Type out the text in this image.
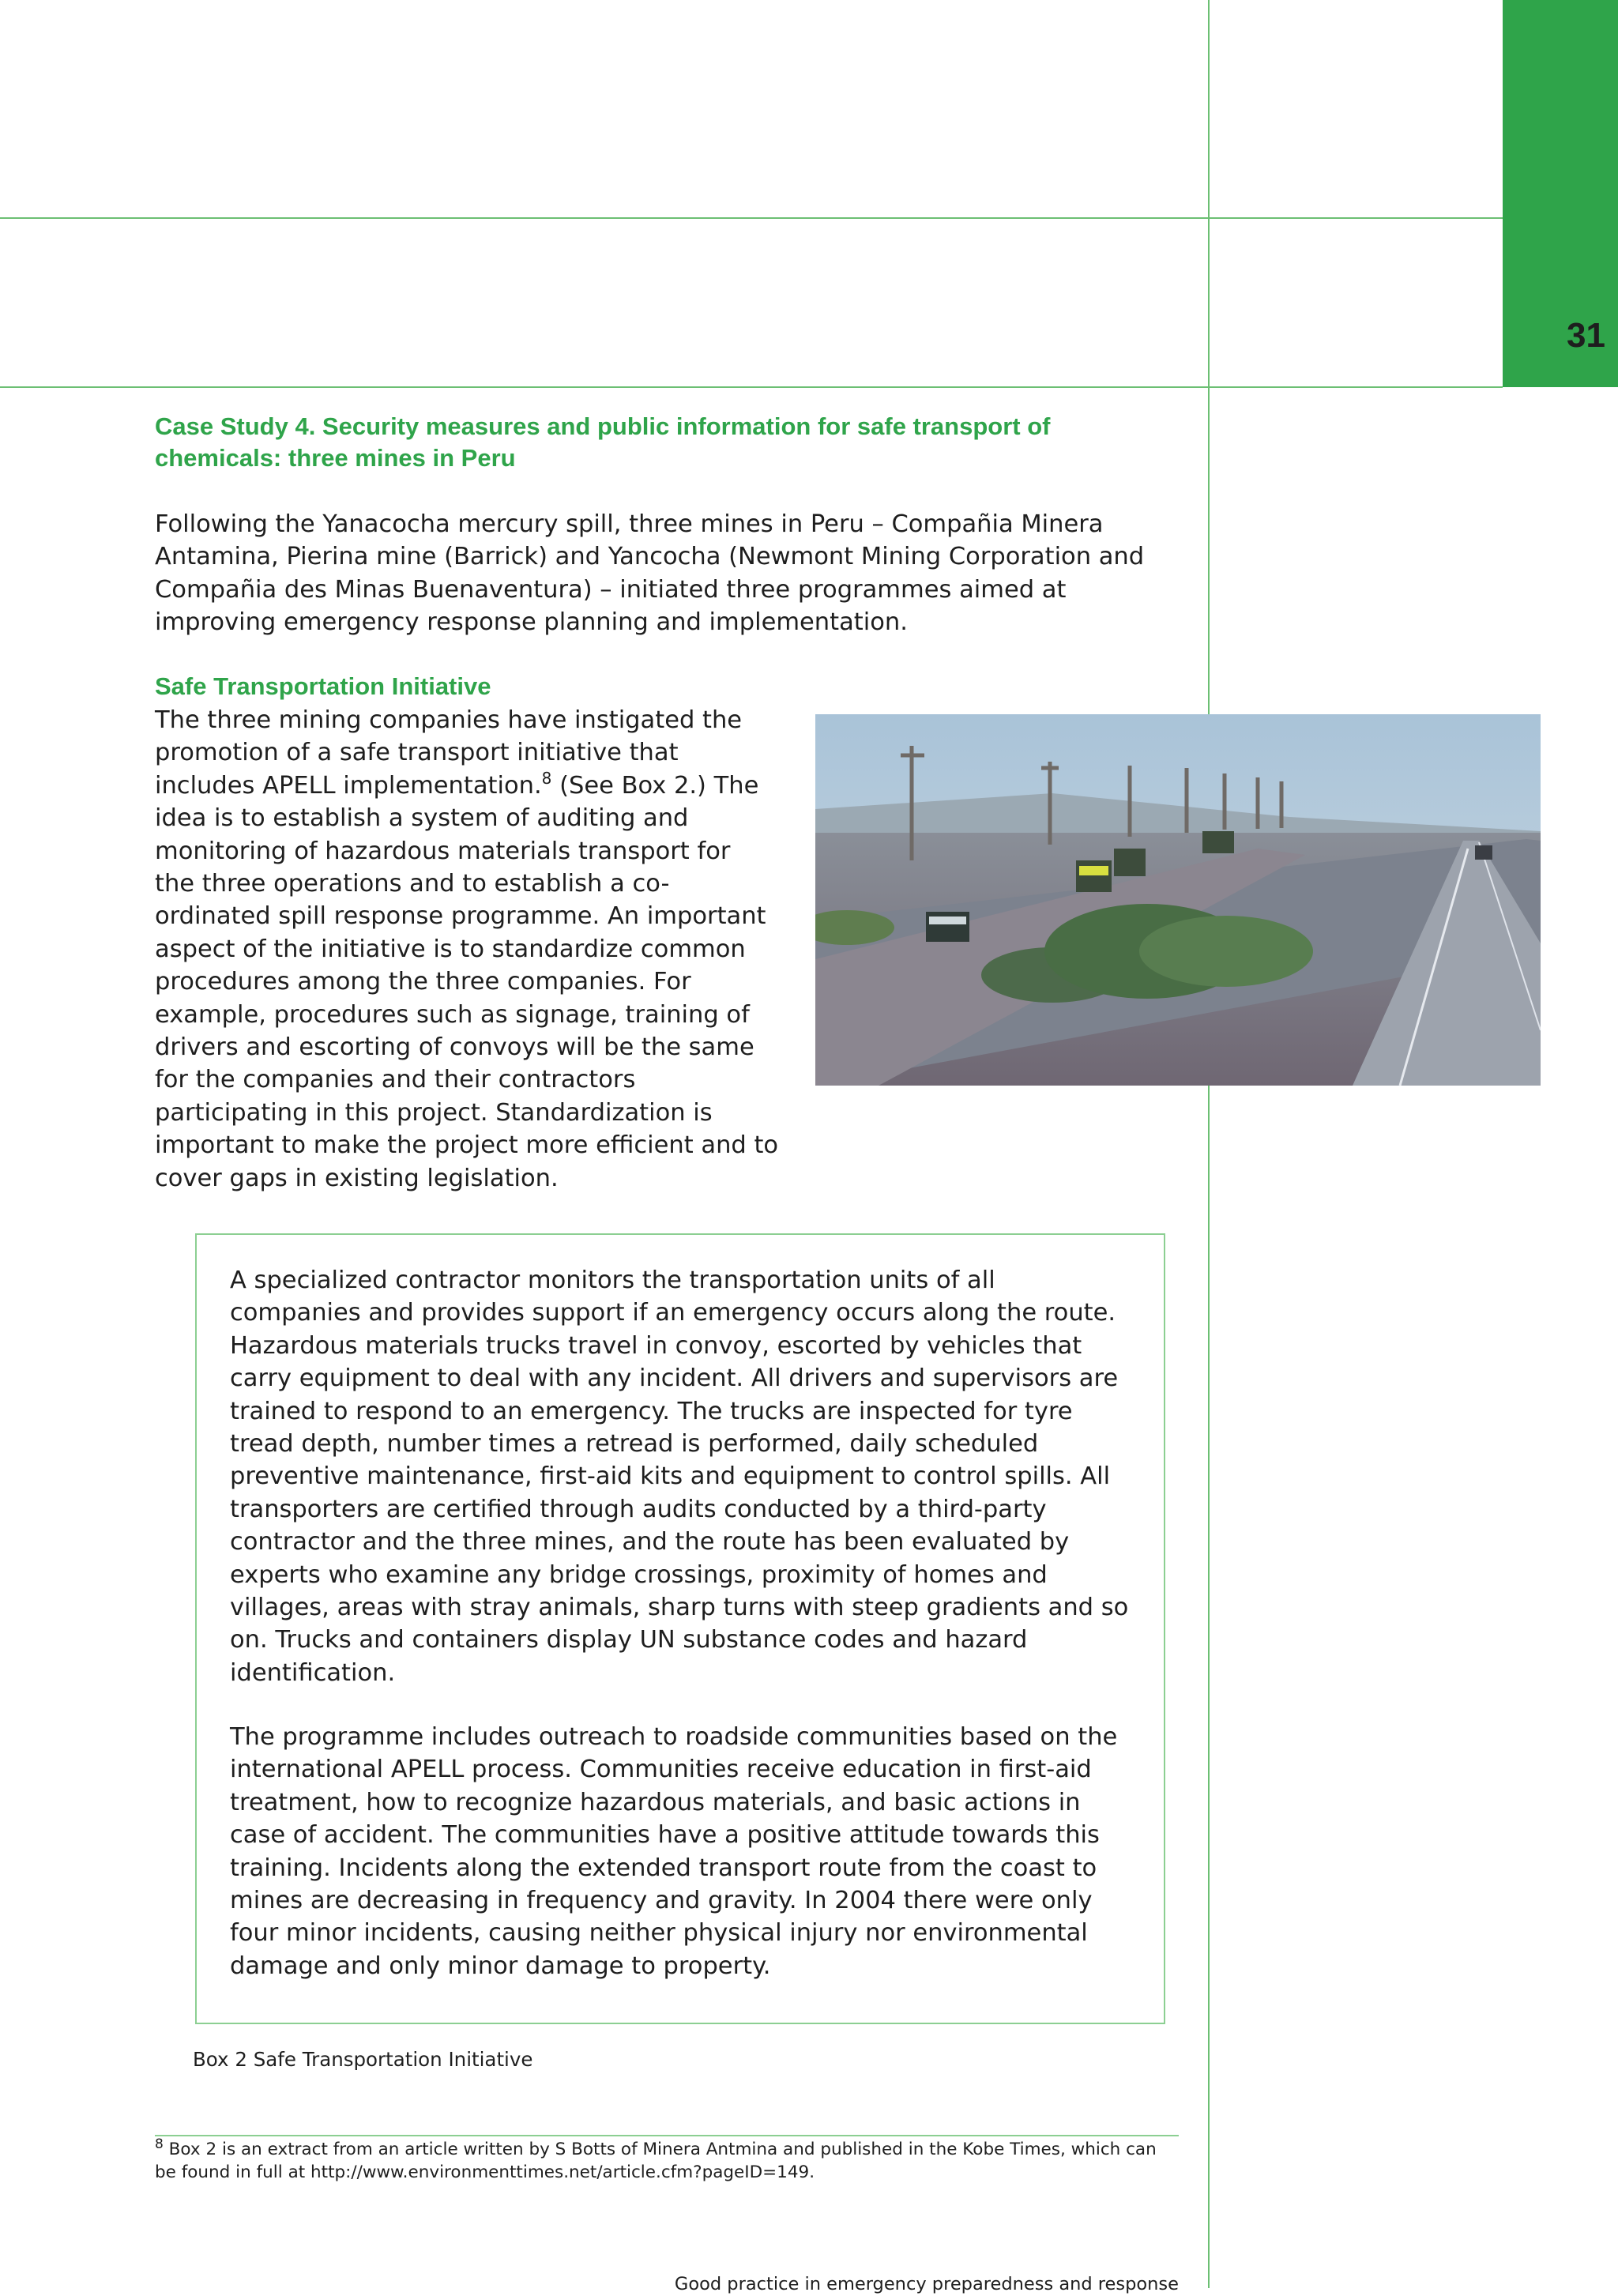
31
Case Study 4. Security measures and public information for safe transport of
chemicals: three mines in Peru
Following the Yanacocha mercury spill, three mines in Peru – Compañia Minera
Antamina, Pierina mine (Barrick) and Yancocha (Newmont Mining Corporation and
Compañia des Minas Buenaventura) – initiated three programmes aimed at
improving emergency response planning and implementation.
Safe Transportation Initiative
The three mining companies have instigated the
promotion of a safe transport initiative that
includes APELL implementation.$^8$ (See Box 2.) The
idea is to establish a system of auditing and
monitoring of hazardous materials transport for
the three operations and to establish a co-
ordinated spill response programme. An important
aspect of the initiative is to standardize common
procedures among the three companies. For
example, procedures such as signage, training of
drivers and escorting of convoys will be the same
for the companies and their contractors
participating in this project. Standardization is
important to make the project more efficient and to
cover gaps in existing legislation.
A specialized contractor monitors the transportation units of all
companies and provides support if an emergency occurs along the route.
Hazardous materials trucks travel in convoy, escorted by vehicles that
carry equipment to deal with any incident. All drivers and supervisors are
trained to respond to an emergency. The trucks are inspected for tyre
tread depth, number times a retread is performed, daily scheduled
preventive maintenance, first-aid kits and equipment to control spills. All
transporters are certified through audits conducted by a third-party
contractor and the three mines, and the route has been evaluated by
experts who examine any bridge crossings, proximity of homes and
villages, areas with stray animals, sharp turns with steep gradients and so
on. Trucks and containers display UN substance codes and hazard
identification.
The programme includes outreach to roadside communities based on the
international APELL process. Communities receive education in first-aid
treatment, how to recognize hazardous materials, and basic actions in
case of accident. The communities have a positive attitude towards this
training. Incidents along the extended transport route from the coast to
mines are decreasing in frequency and gravity. In 2004 there were only
four minor incidents, causing neither physical injury nor environmental
damage and only minor damage to property.
Box 2 Safe Transportation Initiative
$^8$ Box 2 is an extract from an article written by S Botts of Minera Antmina and published in the Kobe Times, which can
be found in full at http://www.environmenttimes.net/article.cfm?pageID=149.
Good practice in emergency preparedness and response
